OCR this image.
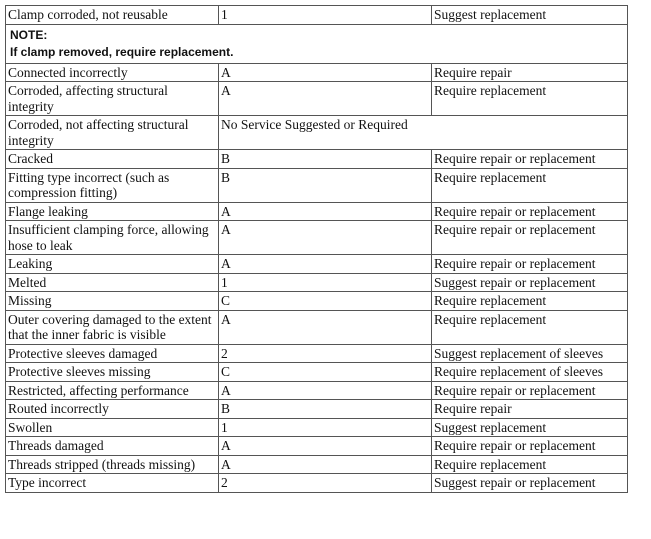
Clamp corroded, not reusable	1	Suggest replacement

NOTE:
If clamp removed, require replacement.		

Connected incorrectly	A	Require repair
Corroded, affecting structural integrity	A	Require replacement
Corroded, not affecting structural integrity	No Service Suggested or Required	
Cracked	B	Require repair or replacement
Fitting type incorrect (such as compression fitting)	B	Require replacement
Flange leaking	A	Require repair or replacement
Insufficient clamping force, allowing hose to leak	A	Require repair or replacement
Leaking	A	Require repair or replacement
Melted	1	Suggest repair or replacement
Missing	C	Require replacement
Outer covering damaged to the extent that the inner fabric is visible	A	Require replacement
Protective sleeves damaged	2	Suggest replacement of sleeves
Protective sleeves missing	C	Require replacement of sleeves
Restricted, affecting performance	A	Require repair or replacement
Routed incorrectly	B	Require repair
Swollen	1	Suggest replacement
Threads damaged	A	Require repair or replacement
Threads stripped (threads missing)	A	Require replacement
Type incorrect	2	Suggest repair or replacement
